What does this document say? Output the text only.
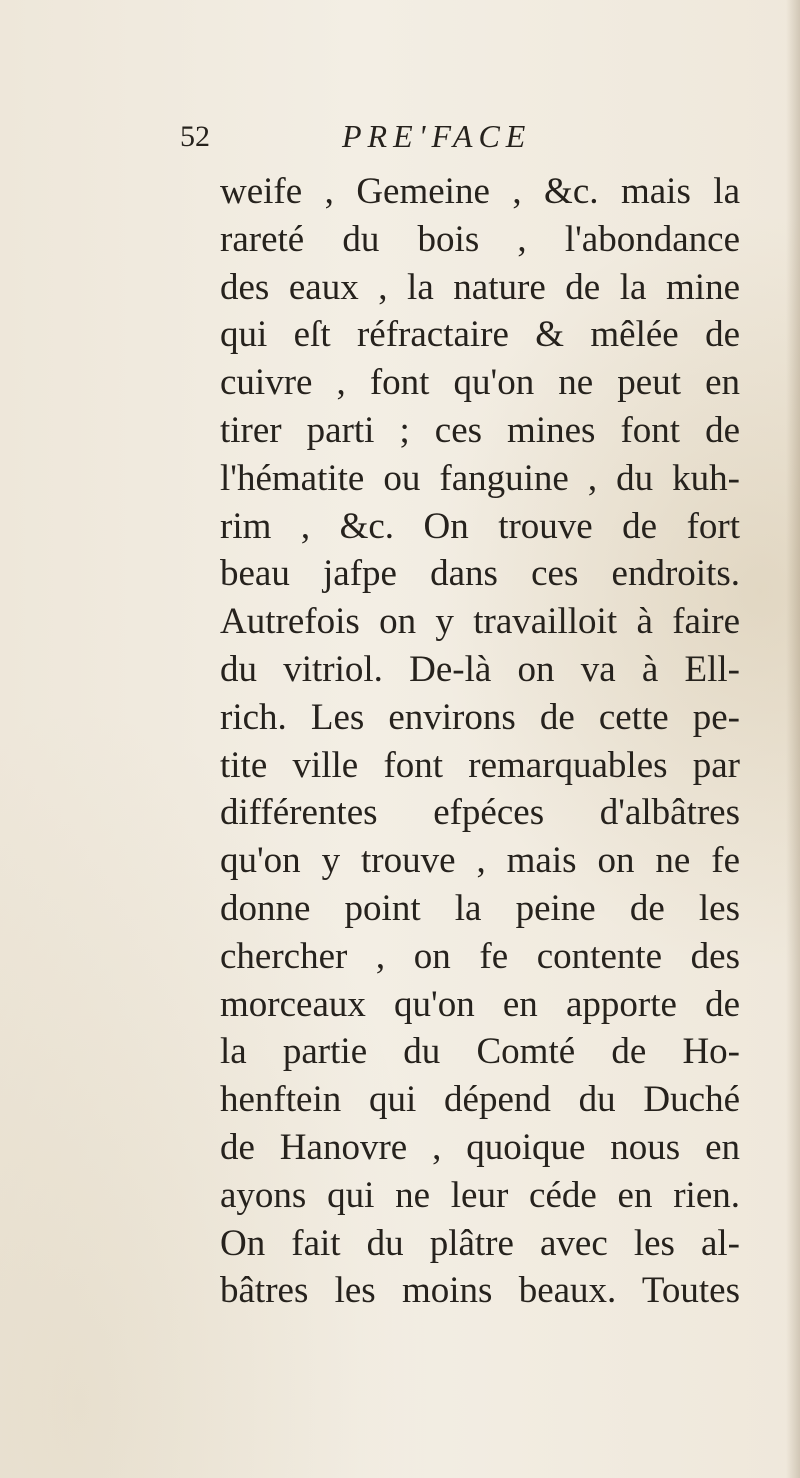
52	PRE'FACE
weife , Gemeine , &c. mais la
rareté du bois , l'abondance
des eaux , la nature de la mine
qui eſt réfractaire & mêlée de
cuivre , font qu'on ne peut en
tirer parti ; ces mines font de
l'hématite ou fanguine , du kuh-
rim , &c. On trouve de fort
beau jafpe dans ces endroits.
Autrefois on y travailloit à faire
du vitriol. De-là on va à Ell-
rich. Les environs de cette pe-
tite ville font remarquables par
différentes efpéces d'albâtres
qu'on y trouve , mais on ne fe
donne point la peine de les
chercher , on fe contente des
morceaux qu'on en apporte de
la partie du Comté de Ho-
henftein qui dépend du Duché
de Hanovre , quoique nous en
ayons qui ne leur céde en rien.
On fait du plâtre avec les al-
bâtres les moins beaux. Toutes
